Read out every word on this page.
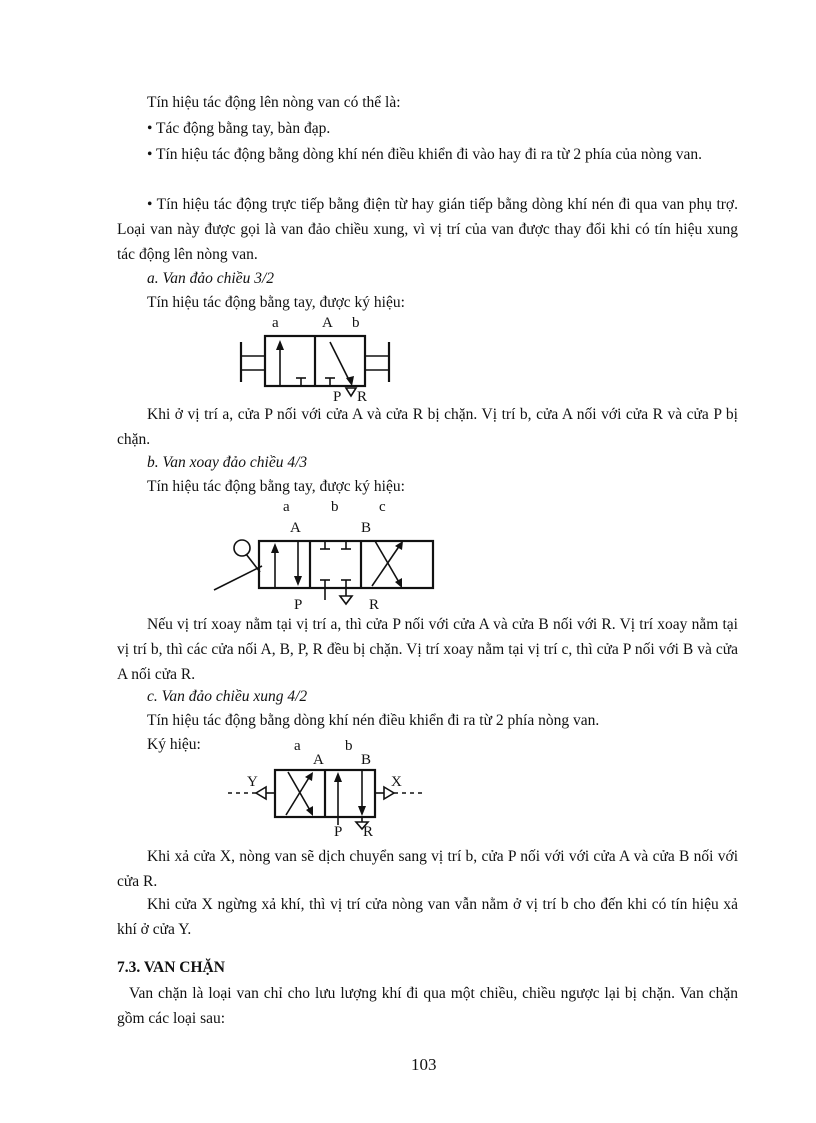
Tín hiệu tác động lên nòng van có thể là:
• Tác động bằng tay, bàn đạp.
• Tín hiệu tác động bằng dòng khí nén điều khiển đi vào hay đi ra từ 2 phía của nòng van.
• Tín hiệu tác động trực tiếp bằng điện từ hay gián tiếp bằng dòng khí nén đi qua van phụ trợ. Loại van này được gọi là van đảo chiều xung, vì vị trí của van được thay đổi khi có tín hiệu xung tác động lên nòng van.
a. Van đảo chiều 3/2
Tín hiệu tác động bằng tay, được ký hiệu:
a	A b
P R
Khi ở vị trí a, cửa P nối với cửa A và cửa R bị chặn. Vị trí b, cửa A nối với cửa R và cửa P bị chặn.
b. Van xoay đảo chiều 4/3
Tín hiệu tác động bằng tay, được ký hiệu:
a	b	c
A	B
P	R
Nếu vị trí xoay nằm tại vị trí a, thì cửa P nối với cửa A và cửa B nối với R. Vị trí xoay nằm tại vị trí b, thì các cửa nối A, B, P, R đều bị chặn. Vị trí xoay nằm tại vị trí c, thì cửa P nối với B và cửa A nối cửa R.
c. Van đảo chiều xung 4/2
Tín hiệu tác động bằng dòng khí nén điều khiển đi ra từ 2 phía nòng van.
Ký hiệu:	a	b
A B
Y	X
P R
Khi xả cửa X, nòng van sẽ dịch chuyển sang vị trí b, cửa P nối với với cửa A và cửa B nối với cửa R.
Khi cửa X ngừng xả khí, thì vị trí cửa nòng van vẫn nằm ở vị trí b cho đến khi có tín hiệu xả khí ở cửa Y.
7.3. VAN CHẶN
Van chặn là loại van chỉ cho lưu lượng khí đi qua một chiều, chiều ngược lại bị chặn. Van chặn gồm các loại sau:
103
